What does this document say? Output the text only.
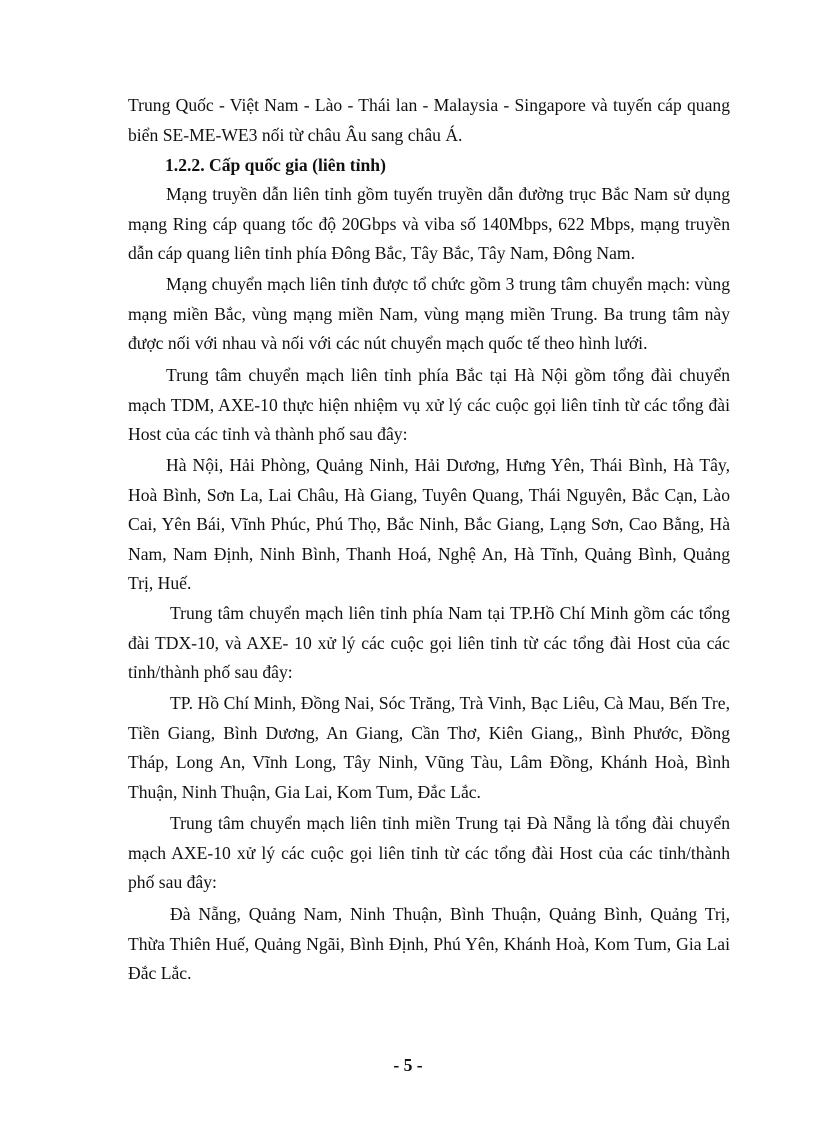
Trung Quốc - Việt Nam - Lào - Thái lan - Malaysia - Singapore và tuyến cáp quang biển SE-ME-WE3 nối từ châu Âu sang châu Á.

1.2.2. Cấp quốc gia (liên tỉnh)

Mạng truyền dẫn liên tỉnh gồm tuyến truyền dẫn đường trục Bắc Nam sử dụng mạng Ring cáp quang tốc độ 20Gbps và viba số 140Mbps, 622 Mbps, mạng truyền dẫn cáp quang liên tỉnh phía Đông Bắc, Tây Bắc, Tây Nam, Đông Nam.

Mạng chuyển mạch liên tỉnh được tổ chức gồm 3 trung tâm chuyển mạch: vùng mạng miền Bắc, vùng mạng miền Nam, vùng mạng miền Trung. Ba trung tâm này được nối với nhau và nối với các nút chuyển mạch quốc tế theo hình lưới.

Trung tâm chuyển mạch liên tỉnh phía Bắc tại Hà Nội gồm tổng đài chuyển mạch TDM, AXE-10 thực hiện nhiệm vụ xử lý các cuộc gọi liên tỉnh từ các tổng đài Host của các tỉnh và thành phố sau đây:

Hà Nội, Hải Phòng, Quảng Ninh, Hải Dương, Hưng Yên, Thái Bình, Hà Tây, Hoà Bình, Sơn La, Lai Châu, Hà Giang, Tuyên Quang, Thái Nguyên, Bắc Cạn, Lào Cai, Yên Bái, Vĩnh Phúc, Phú Thọ, Bắc Ninh, Bắc Giang, Lạng Sơn, Cao Bằng, Hà Nam, Nam Định, Ninh Bình, Thanh Hoá, Nghệ An, Hà Tĩnh, Quảng Bình, Quảng Trị, Huế.

Trung tâm chuyển mạch liên tỉnh phía Nam tại TP.Hồ Chí Minh gồm các tổng đài TDX-10, và AXE- 10 xử lý các cuộc gọi liên tỉnh từ các tổng đài Host của các tỉnh/thành phố sau đây:

TP. Hồ Chí Minh, Đồng Nai, Sóc Trăng, Trà Vinh, Bạc Liêu, Cà Mau, Bến Tre, Tiền Giang, Bình Dương, An Giang, Cần Thơ, Kiên Giang,, Bình Phước, Đồng Tháp, Long An, Vĩnh Long, Tây Ninh, Vũng Tàu, Lâm Đồng, Khánh Hoà, Bình Thuận, Ninh Thuận, Gia Lai, Kom Tum, Đắc Lắc.

Trung tâm chuyển mạch liên tỉnh miền Trung tại Đà Nẵng là tổng đài chuyển mạch AXE-10 xử lý các cuộc gọi liên tỉnh từ các tổng đài Host của các tỉnh/thành phố sau đây:

Đà Nẵng, Quảng Nam, Ninh Thuận, Bình Thuận, Quảng Bình, Quảng Trị, Thừa Thiên Huế, Quảng Ngãi, Bình Định, Phú Yên, Khánh Hoà, Kom Tum, Gia Lai Đắc Lắc.

- 5 -
